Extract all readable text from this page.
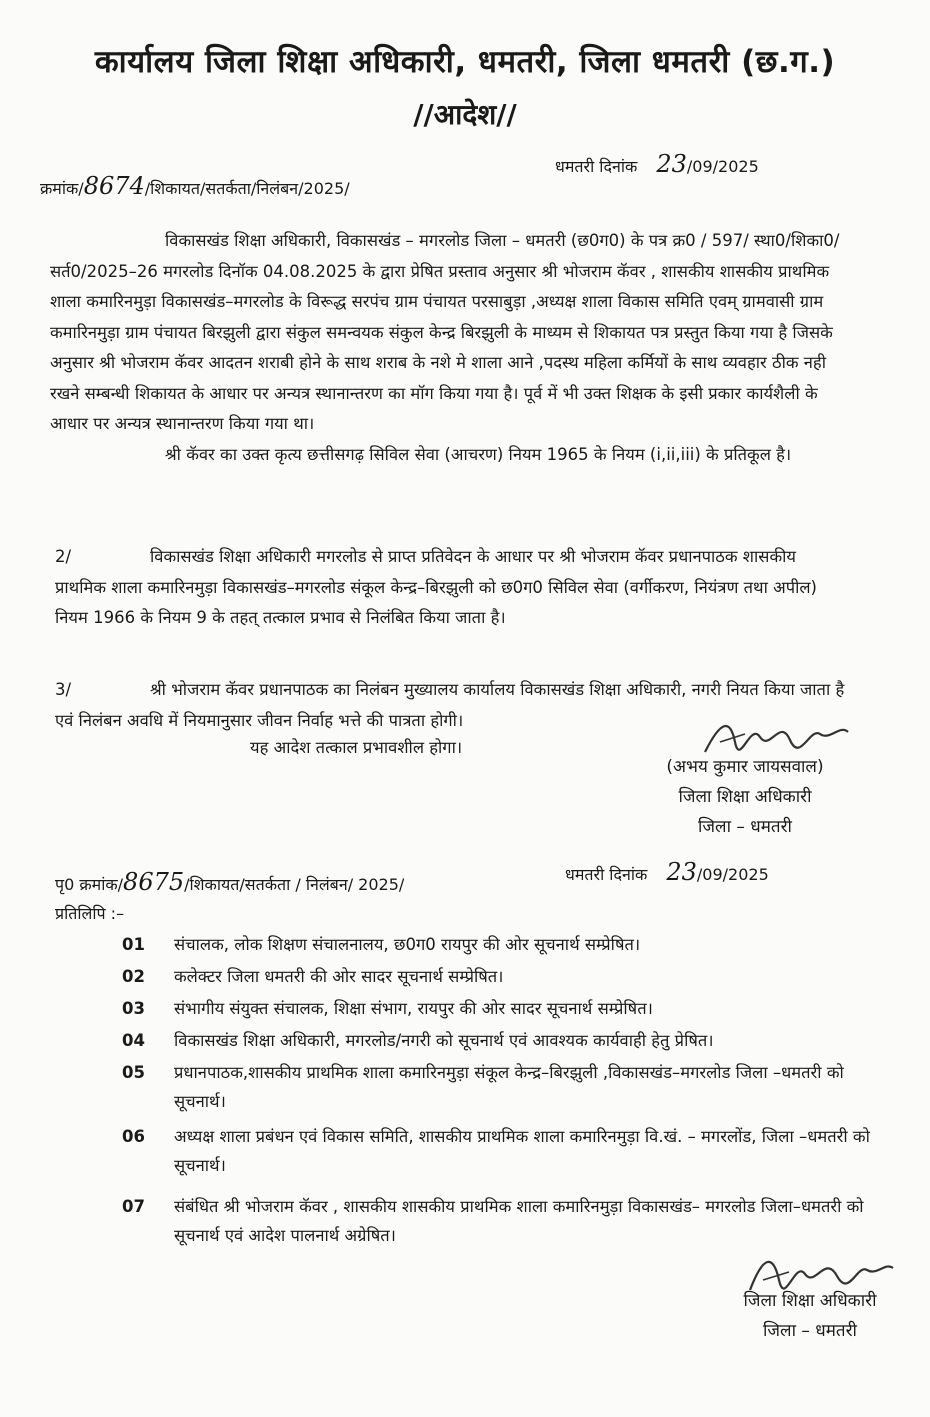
कार्यालय जिला शिक्षा अधिकारी, धमतरी, जिला धमतरी (छ.ग.)
//आदेश//
क्रमांक/8674/शिकायत/सतर्कता/निलंबन/2025/
धमतरी दिनांक 23/09/2025

विकासखंड शिक्षा अधिकारी, विकासखंड – मगरलोड जिला – धमतरी (छ0ग0) के पत्र क्र0 / 597/ स्था0/शिका0/सर्त0/2025–26 मगरलोड दिनॉक 04.08.2025 के द्वारा प्रेषित प्रस्ताव अनुसार श्री भोजराम कॅवर , शासकीय शासकीय प्राथमिक शाला कमारिनमुड़ा विकासखंड–मगरलोड के विरूद्ध सरपंच ग्राम पंचायत परसाबुड़ा ,अध्यक्ष शाला विकास समिति एवम् ग्रामवासी ग्राम कमारिनमुड़ा ग्राम पंचायत बिरझुली द्वारा संकुल समन्वयक संकुल केन्द्र बिरझुली के माध्यम से शिकायत पत्र प्रस्तुत किया गया है जिसके अनुसार श्री भोजराम कॅवर आदतन शराबी होने के साथ शराब के नशे मे शाला आने ,पदस्थ महिला कर्मियों के साथ व्यवहार ठीक नही रखने सम्बन्धी शिकायत के आधार पर अन्यत्र स्थानान्तरण का मॉग किया गया है। पूर्व में भी उक्त शिक्षक के इसी प्रकार कार्यशैली के आधार पर अन्यत्र स्थानान्तरण किया गया था।

श्री कॅवर का उक्त कृत्य छत्तीसगढ़ सिविल सेवा (आचरण) नियम 1965 के नियम (i,ii,iii) के प्रतिकूल है।

2/	विकासखंड शिक्षा अधिकारी मगरलोड से प्राप्त प्रतिवेदन के आधार पर श्री भोजराम कॅवर प्रधानपाठक शासकीय प्राथमिक शाला कमारिनमुड़ा विकासखंड–मगरलोड संकूल केन्द्र–बिरझुली को छ0ग0 सिविल सेवा (वर्गीकरण, नियंत्रण तथा अपील) नियम 1966 के नियम 9 के तहत् तत्काल प्रभाव से निलंबित किया जाता है।

3/	श्री भोजराम कॅवर प्रधानपाठक का निलंबन मुख्यालय कार्यालय विकासखंड शिक्षा अधिकारी, नगरी नियत किया जाता है एवं निलंबन अवधि में नियमानुसार जीवन निर्वाह भत्ते की पात्रता होगी।

यह आदेश तत्काल प्रभावशील होगा।
(अभय कुमार जायसवाल)
जिला शिक्षा अधिकारी
जिला – धमतरी
पृ0 क्रमांक/8675/शिकायत/सतर्कता / निलंबन/ 2025/
धमतरी दिनांक 23/09/2025
प्रतिलिपि :–
01	संचालक, लोक शिक्षण संचालनालय, छ0ग0 रायपुर की ओर सूचनार्थ सम्प्रेषित।
02	कलेक्टर जिला धमतरी की ओर सादर सूचनार्थ सम्प्रेषित।
03	संभागीय संयुक्त संचालक, शिक्षा संभाग, रायपुर की ओर सादर सूचनार्थ सम्प्रेषित।
04	विकासखंड शिक्षा अधिकारी, मगरलोड/नगरी को सूचनार्थ एवं आवश्यक कार्यवाही हेतु प्रेषित।
05	प्रधानपाठक,शासकीय प्राथमिक शाला कमारिनमुड़ा संकूल केन्द्र–बिरझुली ,विकासखंड–मगरलोड जिला –धमतरी को सूचनार्थ।
06	अध्यक्ष शाला प्रबंधन एवं विकास समिति, शासकीय प्राथमिक शाला कमारिनमुड़ा वि.खं. – मगरलोंड, जिला –धमतरी को सूचनार्थ।
07	संबंधित श्री भोजराम कॅवर , शासकीय शासकीय प्राथमिक शाला कमारिनमुड़ा विकासखंड– मगरलोड जिला–धमतरी को सूचनार्थ एवं आदेश पालनार्थ अग्रेषित।
जिला शिक्षा अधिकारी
जिला – धमतरी
